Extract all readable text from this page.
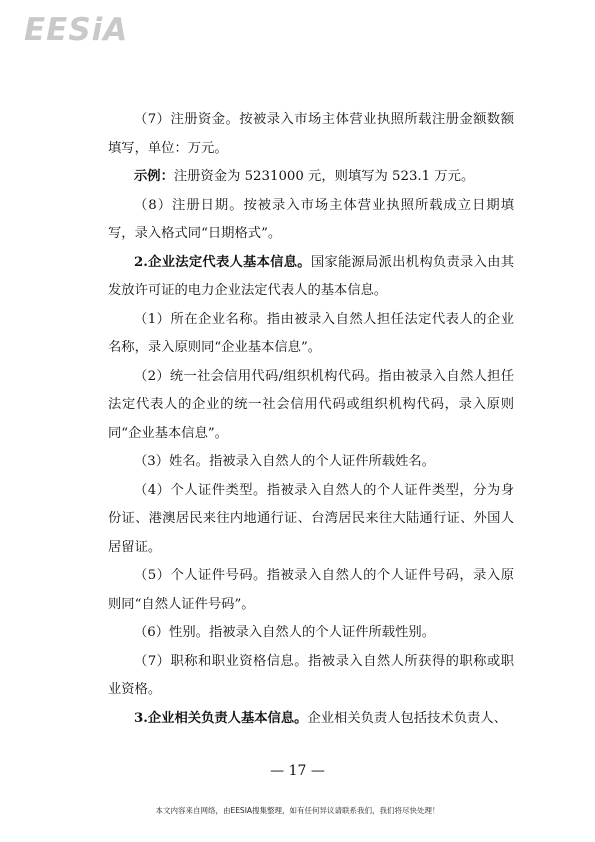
EESiA

（7）注册资金。按被录入市场主体营业执照所载注册金额数额填写，单位：万元。

示例：注册资金为 5231000 元，则填写为 523.1 万元。

（8）注册日期。按被录入市场主体营业执照所载成立日期填写，录入格式同“日期格式”。

2.企业法定代表人基本信息。国家能源局派出机构负责录入由其发放许可证的电力企业法定代表人的基本信息。

（1）所在企业名称。指由被录入自然人担任法定代表人的企业名称，录入原则同“企业基本信息”。

（2）统一社会信用代码/组织机构代码。指由被录入自然人担任法定代表人的企业的统一社会信用代码或组织机构代码，录入原则同“企业基本信息”。

（3）姓名。指被录入自然人的个人证件所载姓名。

（4）个人证件类型。指被录入自然人的个人证件类型，分为身份证、港澳居民来往内地通行证、台湾居民来往大陆通行证、外国人居留证。

（5）个人证件号码。指被录入自然人的个人证件号码，录入原则同“自然人证件号码”。

（6）性别。指被录入自然人的个人证件所载性别。

（7）职称和职业资格信息。指被录入自然人所获得的职称或职业资格。

3.企业相关负责人基本信息。企业相关负责人包括技术负责人、

— 17 —
本文内容来自网络，由EESIA搜集整理，如有任何异议请联系我们，我们将尽快处理！
